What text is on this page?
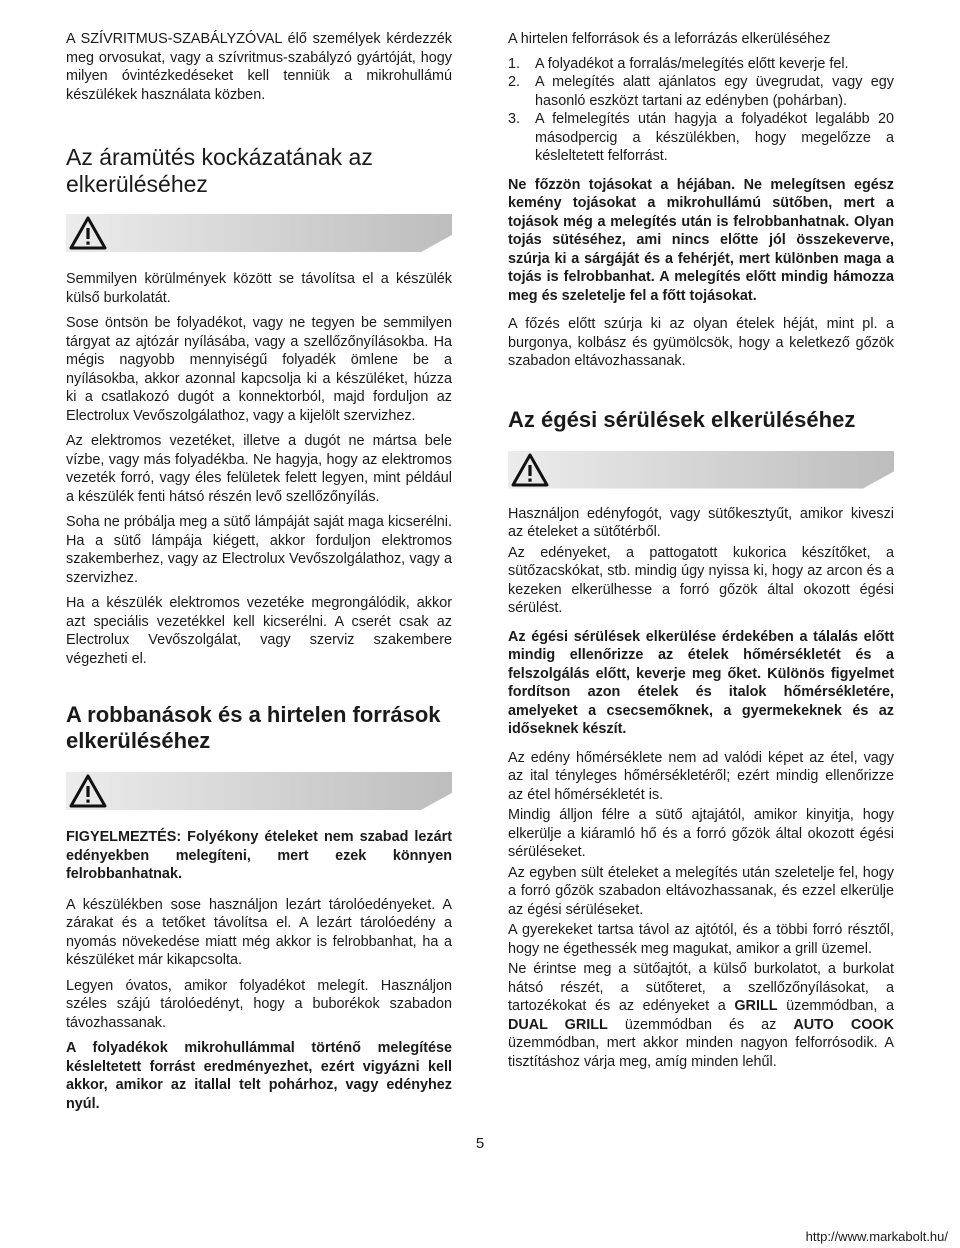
A SZÍVRITMUS-SZABÁLYZÓVAL élő személyek kérdezzék meg orvosukat, vagy a szívritmus-szabályzó gyártóját, hogy milyen óvintézkedéseket kell tenniük a mikrohullámú készülékek használata közben.

Az áramütés kockázatának az elkerüléséhez

Semmilyen körülmények között se távolítsa el a készülék külső burkolatát.

Sose öntsön be folyadékot, vagy ne tegyen be semmilyen tárgyat az ajtózár nyílásába, vagy a szellőzőnyílásokba. Ha mégis nagyobb mennyiségű folyadék ömlene be a nyílásokba, akkor azonnal kapcsolja ki a készüléket, húzza ki a csatlakozó dugót a konnektorból, majd forduljon az Electrolux Vevőszolgálathoz, vagy a kijelölt szervizhez.

Az elektromos vezetéket, illetve a dugót ne mártsa bele vízbe, vagy más folyadékba. Ne hagyja, hogy az elektromos vezeték forró, vagy éles felületek felett legyen, mint például a készülék fenti hátsó részén levő szellőzőnyílás.

Soha ne próbálja meg a sütő lámpáját saját maga kicserélni. Ha a sütő lámpája kiégett, akkor forduljon elektromos szakemberhez, vagy az Electrolux Vevőszolgálathoz, vagy a szervizhez.

Ha a készülék elektromos vezetéke megrongálódik, akkor azt speciális vezetékkel kell kicserélni. A cserét csak az Electrolux Vevőszolgálat, vagy szerviz szakembere végezheti el.

A robbanások és a hirtelen források elkerüléséhez

FIGYELMEZTÉS: Folyékony ételeket nem szabad lezárt edényekben melegíteni, mert ezek könnyen felrobbanhatnak.

A készülékben sose használjon lezárt tárolóedényeket. A zárakat és a tetőket távolítsa el. A lezárt tárolóedény a nyomás növekedése miatt még akkor is felrobbanhat, ha a készüléket már kikapcsolta.

Legyen óvatos, amikor folyadékot melegít. Használjon széles szájú tárolóedényt, hogy a buborékok szabadon távozhassanak.

A folyadékok mikrohullámmal történő melegítése késleltetett forrást eredményezhet, ezért vigyázni kell akkor, amikor az itallal telt pohárhoz, vagy edényhez nyúl.

A hirtelen felforrások és a leforrázás elkerüléséhez

1. A folyadékot a forralás/melegítés előtt keverje fel.
2. A melegítés alatt ajánlatos egy üvegrudat, vagy egy hasonló eszközt tartani az edényben (pohárban).
3. A felmelegítés után hagyja a folyadékot legalább 20 másodpercig a készülékben, hogy megelőzze a késleltetett felforrást.

Ne főzzön tojásokat a héjában. Ne melegítsen egész kemény tojásokat a mikrohullámú sütőben, mert a tojások még a melegítés után is felrobbanhatnak. Olyan tojás sütéséhez, ami nincs előtte jól összekeverve, szúrja ki a sárgáját és a fehérjét, mert különben maga a tojás is felrobbanhat. A melegítés előtt mindig hámozza meg és szeletelje fel a főtt tojásokat.

A főzés előtt szúrja ki az olyan ételek héját, mint pl. a burgonya, kolbász és gyümölcsök, hogy a keletkező gőzök szabadon eltávozhassanak.

Az égési sérülések elkerüléséhez

Használjon edényfogót, vagy sütőkesztyűt, amikor kiveszi az ételeket a sütőtérből.

Az edényeket, a pattogatott kukorica készítőket, a sütőzacskókat, stb. mindig úgy nyissa ki, hogy az arcon és a kezeken elkerülhesse a forró gőzök által okozott égési sérülést.

Az égési sérülések elkerülése érdekében a tálalás előtt mindig ellenőrizze az ételek hőmérsékletét és a felszolgálás előtt, keverje meg őket. Különös figyelmet fordítson azon ételek és italok hőmérsékletére, amelyeket a csecsemőknek, a gyermekeknek és az időseknek készít.

Az edény hőmérséklete nem ad valódi képet az étel, vagy az ital tényleges hőmérsékletéről; ezért mindig ellenőrizze az étel hőmérsékletét is.

Mindig álljon félre a sütő ajtajától, amikor kinyitja, hogy elkerülje a kiáramló hő és a forró gőzök által okozott égési sérüléseket.

Az egyben sült ételeket a melegítés után szeletelje fel, hogy a forró gőzök szabadon eltávozhassanak, és ezzel elkerülje az égési sérüléseket.

A gyerekeket tartsa távol az ajtótól, és a többi forró résztől, hogy ne égethessék meg magukat, amikor a grill üzemel.

Ne érintse meg a sütőajtót, a külső burkolatot, a burkolat hátsó részét, a sütőteret, a szellőzőnyílásokat, a tartozékokat és az edényeket a GRILL üzemmódban, a DUAL GRILL üzemmódban és az AUTO COOK üzemmódban, mert akkor minden nagyon felforrósodik. A tisztításhoz várja meg, amíg minden lehűl.

5
http://www.markabolt.hu/
